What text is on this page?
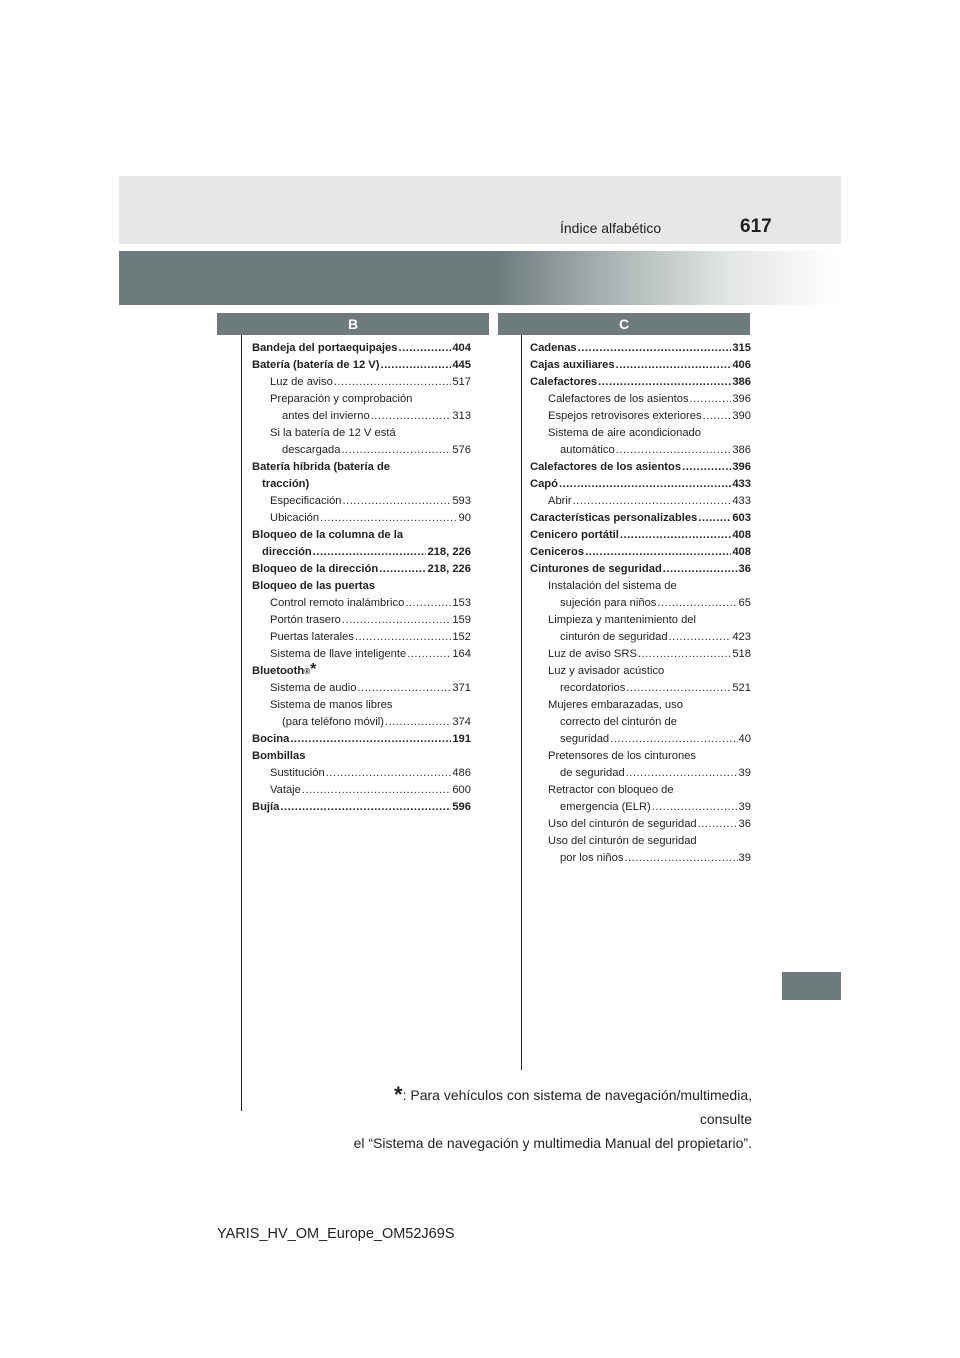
Índice alfabético	617
B	C
Bandeja del portaequipajes .....	404
Batería (batería de 12 V) .....	445
Luz de aviso .....	517
Preparación y comprobación
antes del invierno .....	313
Si la batería de 12 V está
descargada .....	576
Batería híbrida (batería de
tracción)
Especificación .....	593
Ubicación .....	90
Bloqueo de la columna de la
dirección .....	218, 226
Bloqueo de la dirección .....	218, 226
Bloqueo de las puertas
Control remoto inalámbrico .....	153
Portón trasero .....	159
Puertas laterales .....	152
Sistema de llave inteligente .....	164
Bluetooth ® *
Sistema de audio .....	371
Sistema de manos libres
(para teléfono móvil) .....	374
Bocina .....	191
Bombillas
Sustitución .....	486
Vataje .....	600
Bujía .....	596
Cadenas .....	315
Cajas auxiliares .....	406
Calefactores .....	386
Calefactores de los asientos .....	396
Espejos retrovisores exteriores .....	390
Sistema de aire acondicionado
automático .....	386
Calefactores de los asientos .....	396
Capó .....	433
Abrir .....	433
Características personalizables .....	603
Cenicero portátil .....	408
Ceniceros .....	408
Cinturones de seguridad .....	36
Instalación del sistema de
sujeción para niños .....	65
Limpieza y mantenimiento del
cinturón de seguridad .....	423
Luz de aviso SRS .....	518
Luz y avisador acústico
recordatorios .....	521
Mujeres embarazadas, uso
correcto del cinturón de
seguridad .....	40
Pretensores de los cinturones
de seguridad .....	39
Retractor con bloqueo de
emergencia (ELR) .....	39
Uso del cinturón de seguridad .....	36
Uso del cinturón de seguridad
por los niños .....	39
*: Para vehículos con sistema de navegación/multimedia, consulte
el “Sistema de navegación y multimedia Manual del propietario”.
YARIS_HV_OM_Europe_OM52J69S
